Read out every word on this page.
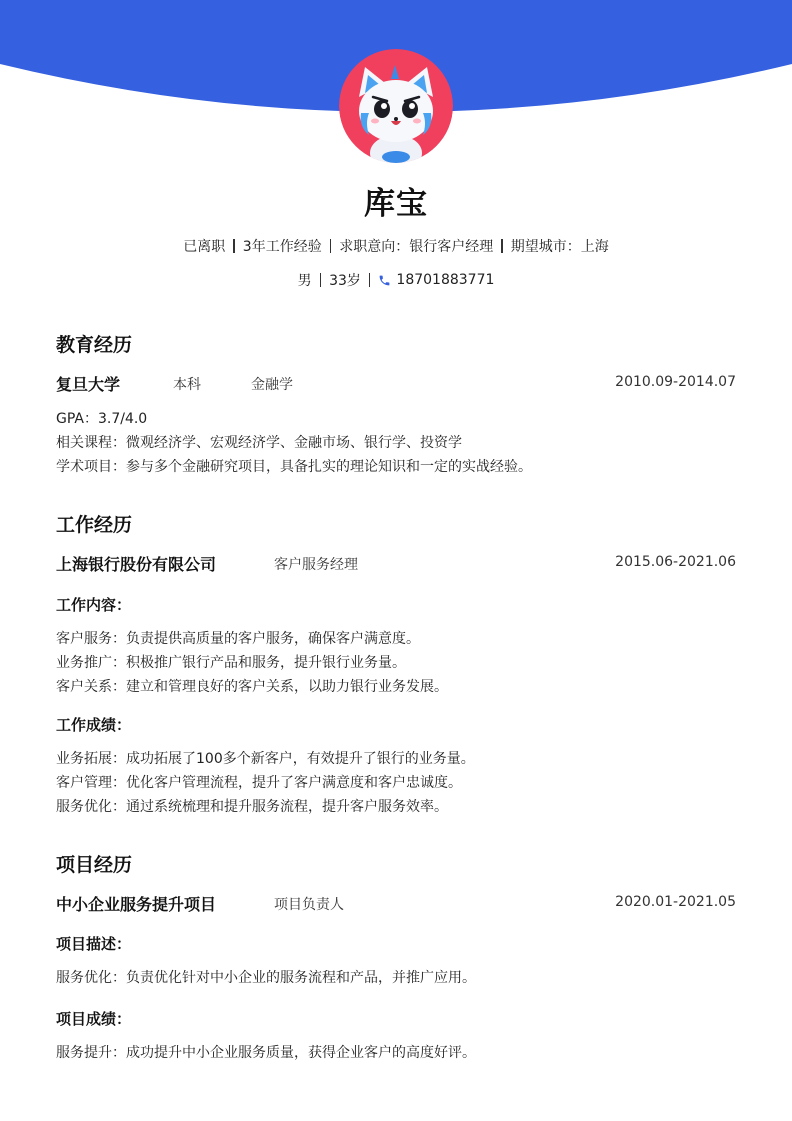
库宝
已离职 3年工作经验 求职意向：银行客户经理 期望城市：上海
男 33岁	18701883771
教育经历
复旦大学	本科	金融学	2010.09-2014.07
GPA：3.7/4.0
相关课程：微观经济学、宏观经济学、金融市场、银行学、投资学
学术项目：参与多个金融研究项目，具备扎实的理论知识和一定的实战经验。
工作经历
上海银行股份有限公司	客户服务经理	2015.06-2021.06
工作内容：
客户服务：负责提供高质量的客户服务，确保客户满意度。
业务推广：积极推广银行产品和服务，提升银行业务量。
客户关系：建立和管理良好的客户关系，以助力银行业务发展。
工作成绩：
业务拓展：成功拓展了100多个新客户，有效提升了银行的业务量。
客户管理：优化客户管理流程，提升了客户满意度和客户忠诚度。
服务优化：通过系统梳理和提升服务流程，提升客户服务效率。
项目经历
中小企业服务提升项目	项目负责人	2020.01-2021.05
项目描述：
服务优化：负责优化针对中小企业的服务流程和产品，并推广应用。
项目成绩：
服务提升：成功提升中小企业服务质量，获得企业客户的高度好评。
